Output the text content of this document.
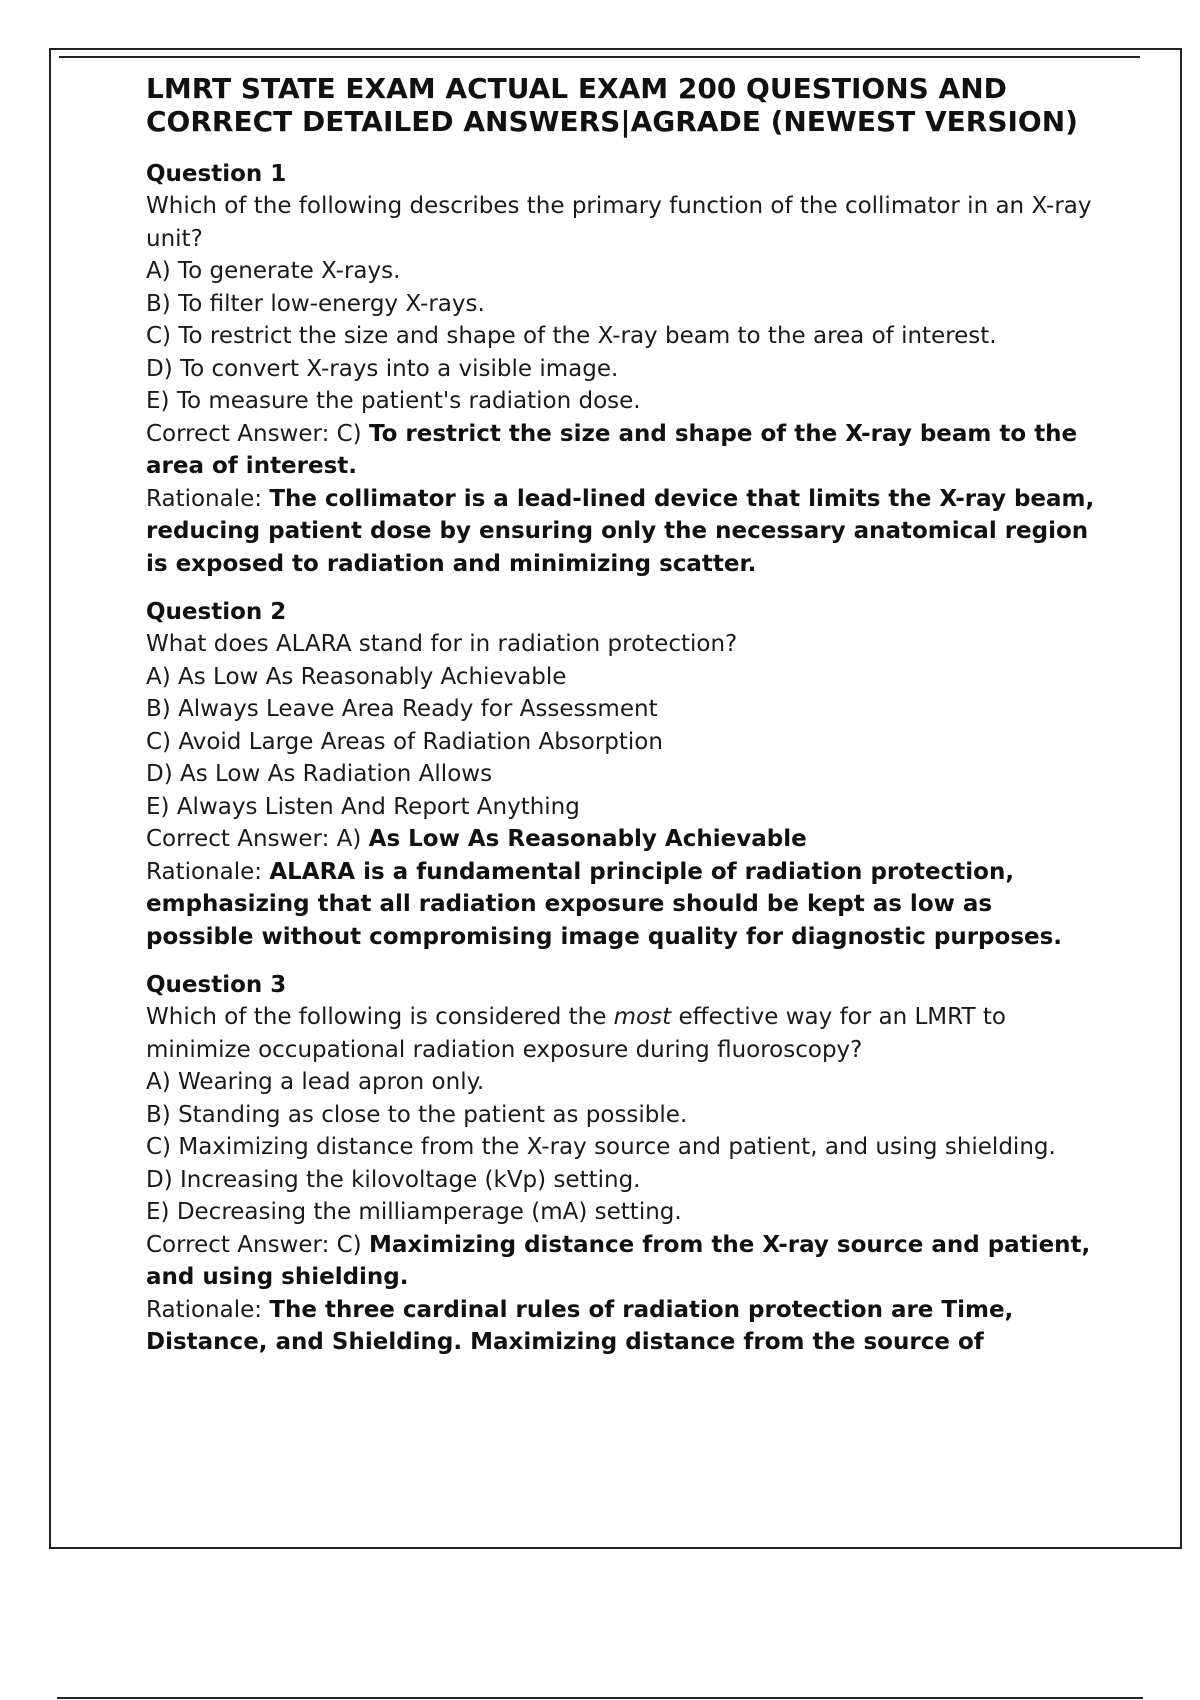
LMRT STATE EXAM ACTUAL EXAM 200 QUESTIONS AND CORRECT DETAILED ANSWERS|AGRADE (NEWEST VERSION)
Question 1
Which of the following describes the primary function of the collimator in an X-ray unit?
A) To generate X-rays.
B) To filter low-energy X-rays.
C) To restrict the size and shape of the X-ray beam to the area of interest.
D) To convert X-rays into a visible image.
E) To measure the patient's radiation dose.
Correct Answer: C) To restrict the size and shape of the X-ray beam to the area of interest.
Rationale: The collimator is a lead-lined device that limits the X-ray beam, reducing patient dose by ensuring only the necessary anatomical region is exposed to radiation and minimizing scatter.
Question 2
What does ALARA stand for in radiation protection?
A) As Low As Reasonably Achievable
B) Always Leave Area Ready for Assessment
C) Avoid Large Areas of Radiation Absorption
D) As Low As Radiation Allows
E) Always Listen And Report Anything
Correct Answer: A) As Low As Reasonably Achievable
Rationale: ALARA is a fundamental principle of radiation protection, emphasizing that all radiation exposure should be kept as low as possible without compromising image quality for diagnostic purposes.
Question 3
Which of the following is considered the most effective way for an LMRT to minimize occupational radiation exposure during fluoroscopy?
A) Wearing a lead apron only.
B) Standing as close to the patient as possible.
C) Maximizing distance from the X-ray source and patient, and using shielding.
D) Increasing the kilovoltage (kVp) setting.
E) Decreasing the milliamperage (mA) setting.
Correct Answer: C) Maximizing distance from the X-ray source and patient, and using shielding.
Rationale: The three cardinal rules of radiation protection are Time, Distance, and Shielding. Maximizing distance from the source of
